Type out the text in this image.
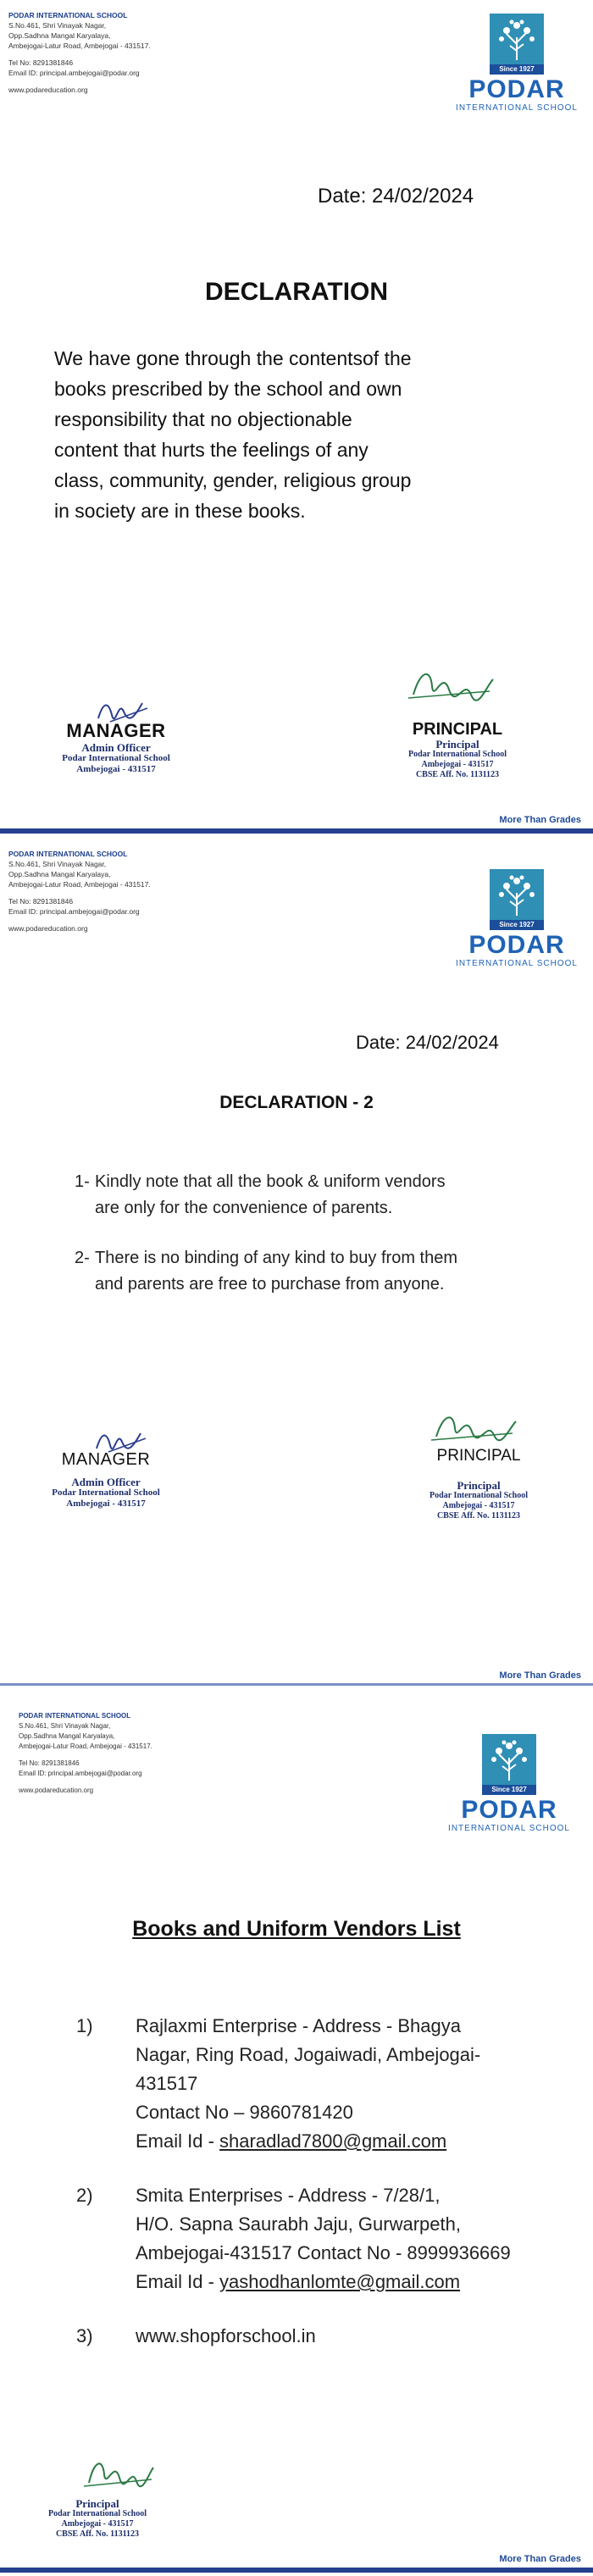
PODAR INTERNATIONAL SCHOOL
S.No.461, Shri Vinayak Nagar,
Opp.Sadhna Mangal Karyalaya,
Ambejogai-Latur Road, Ambejogai - 431517.
Tel No: 8291381846
Email ID: principal.ambejogai@podar.org
www.podareducation.org
Since 1927
PODAR
INTERNATIONAL SCHOOL
Date: 24/02/2024
DECLARATION
We have gone through the contentsof the
books prescribed by the school and own
responsibility that no objectionable
content that hurts the feelings of any
class, community, gender, religious group
in society are in these books.
MANAGER
Admin Officer
Podar International School
Ambejogai - 431517
PRINCIPAL
Principal
Podar International School
Ambejogai - 431517
CBSE Aff. No. 1131123
More Than Grades
PODAR INTERNATIONAL SCHOOL
S.No.461, Shri Vinayak Nagar,
Opp.Sadhna Mangal Karyalaya,
Ambejogai-Latur Road, Ambejogai - 431517.
Tel No: 8291381846
Email ID: principal.ambejogai@podar.org
www.podareducation.org	Since 1927
PODAR
INTERNATIONAL SCHOOL
Date: 24/02/2024
DECLARATION - 2
1- Kindly note that all the book & uniform vendors
are only for the convenience of parents.
2- There is no binding of any kind to buy from them
and parents are free to purchase from anyone.
MANAGER
Admin Officer
Podar International School
Ambejogai - 431517
PRINCIPAL
Principal
Podar International School
Ambejogai - 431517
CBSE Aff. No. 1131123
More Than Grades
PODAR INTERNATIONAL SCHOOL
S.No.461, Shri Vinayak Nagar,
Opp.Sadhna Mangal Karyalaya,
Ambejogai-Latur Road, Ambejogai - 431517.
Tel No: 8291381846
Email ID: principal.ambejogai@podar.org
www.podareducation.org	Since 1927
PODAR
INTERNATIONAL SCHOOL
Books and Uniform Vendors List
1) Rajlaxmi Enterprise - Address - Bhagya
Nagar, Ring Road, Jogaiwadi, Ambejogai-
431517
Contact No – 9860781420
Email Id - sharadlad7800@gmail.com
2) Smita Enterprises - Address - 7/28/1,
H/O. Sapna Saurabh Jaju, Gurwarpeth,
Ambejogai-431517 Contact No - 8999936669
Email Id - yashodhanlomte@gmail.com
3) www.shopforschool.in
Principal
Podar International School
Ambejogai - 431517
CBSE Aff. No. 1131123
More Than Grades
